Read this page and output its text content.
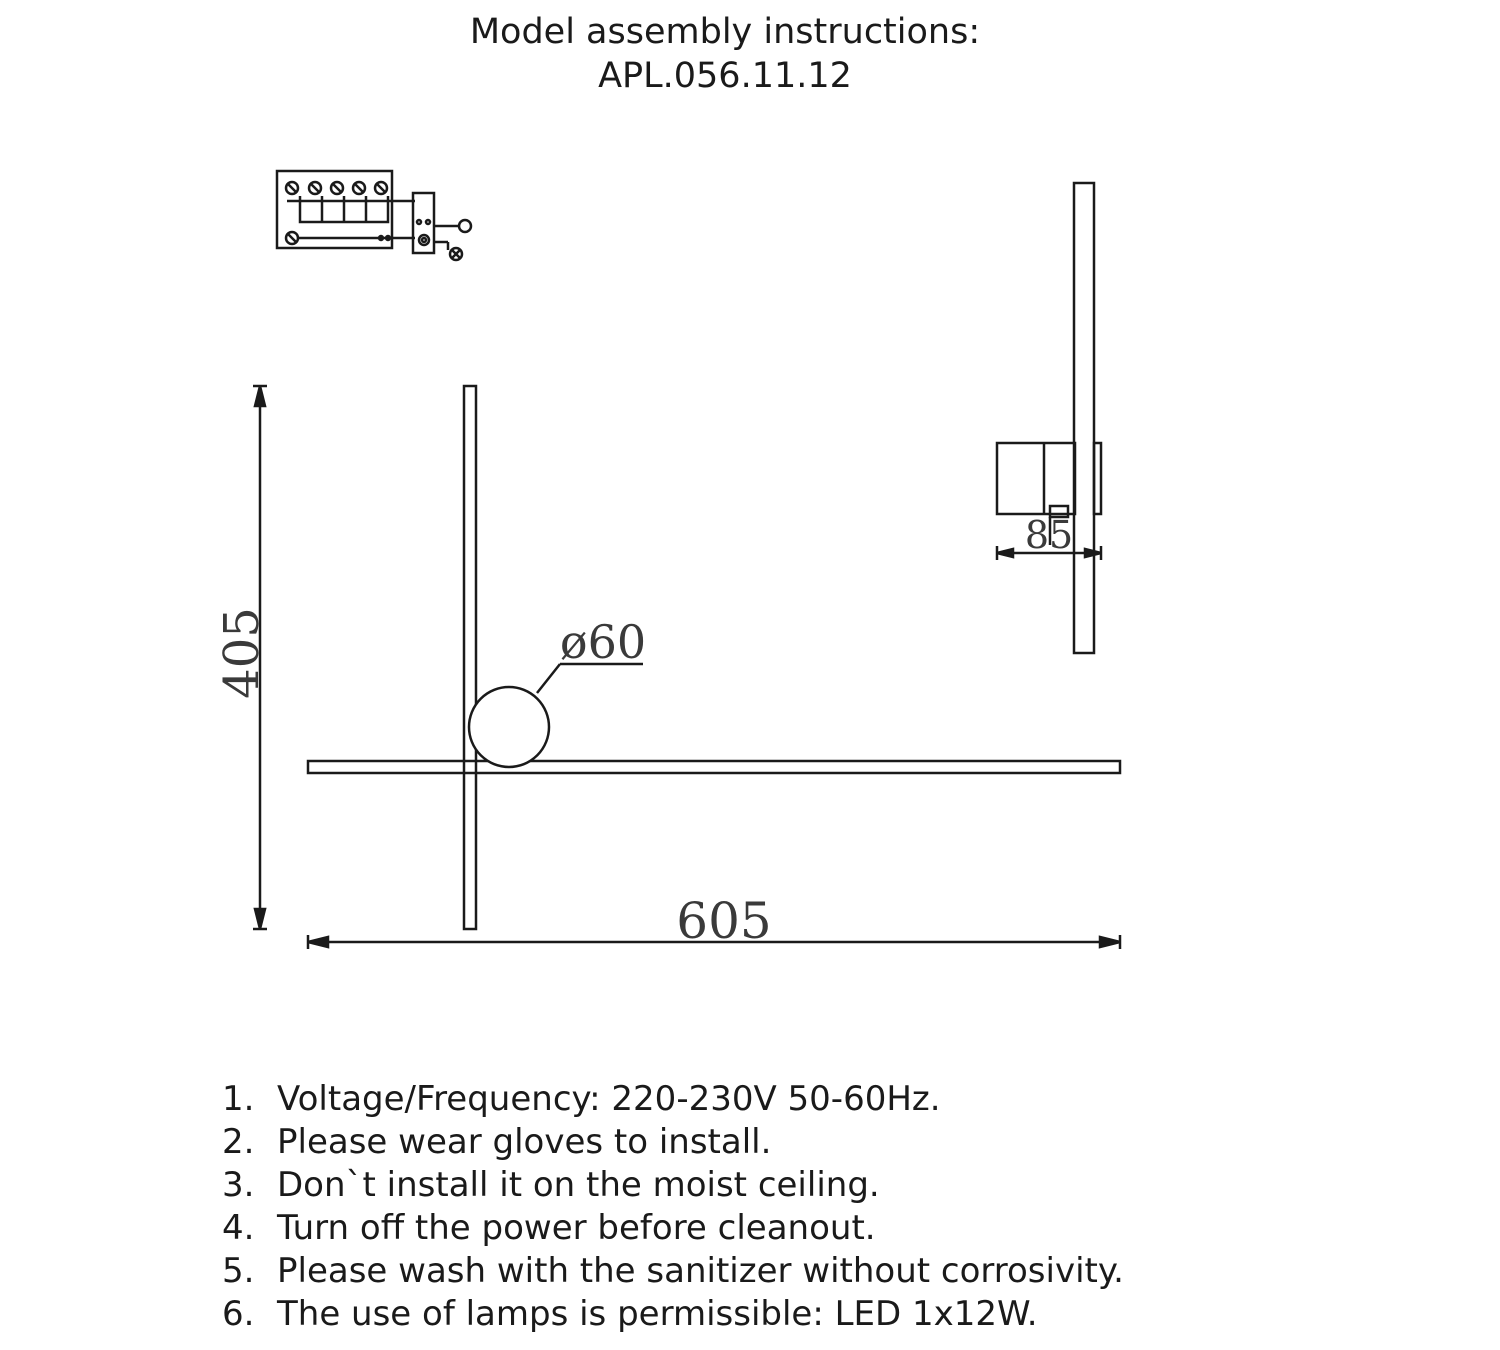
Model assembly instructions:
APL.056.11.12
405
605
ø60
85
1. Voltage/Frequency: 220-230V 50-60Hz.
2. Please wear gloves to install.
3. Don`t install it on the moist ceiling.
4. Turn off the power before cleanout.
5. Please wash with the sanitizer without corrosivity.
6. The use of lamps is permissible: LED 1x12W.
